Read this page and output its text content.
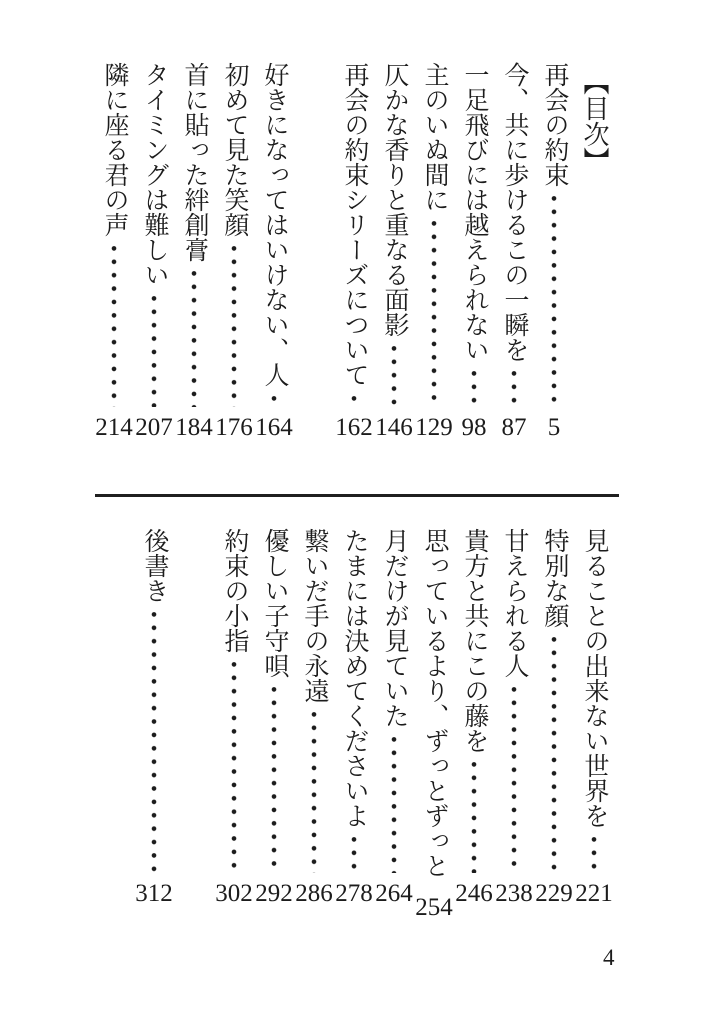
【目次】
再会の約束
5
今、共に歩けるこの一瞬を
87
一足飛びには越えられない
98
主のいぬ間に
129
仄かな香りと重なる面影
146
再会の約束シリーズについて
162
好きになってはいけない、人
164
初めて見た笑顔
176
首に貼った絆創膏
184
タイミングは難しい
207
隣に座る君の声
214
見ることの出来ない世界を
221
特別な顔
229
甘えられる人
238
貴方と共にこの藤を
246
思っているより、ずっとずっと
254
月だけが見ていた
264
たまには決めてくださいよ
278
繋いだ手の永遠
286
優しい子守唄
292
約束の小指
302
後書き
312
4
